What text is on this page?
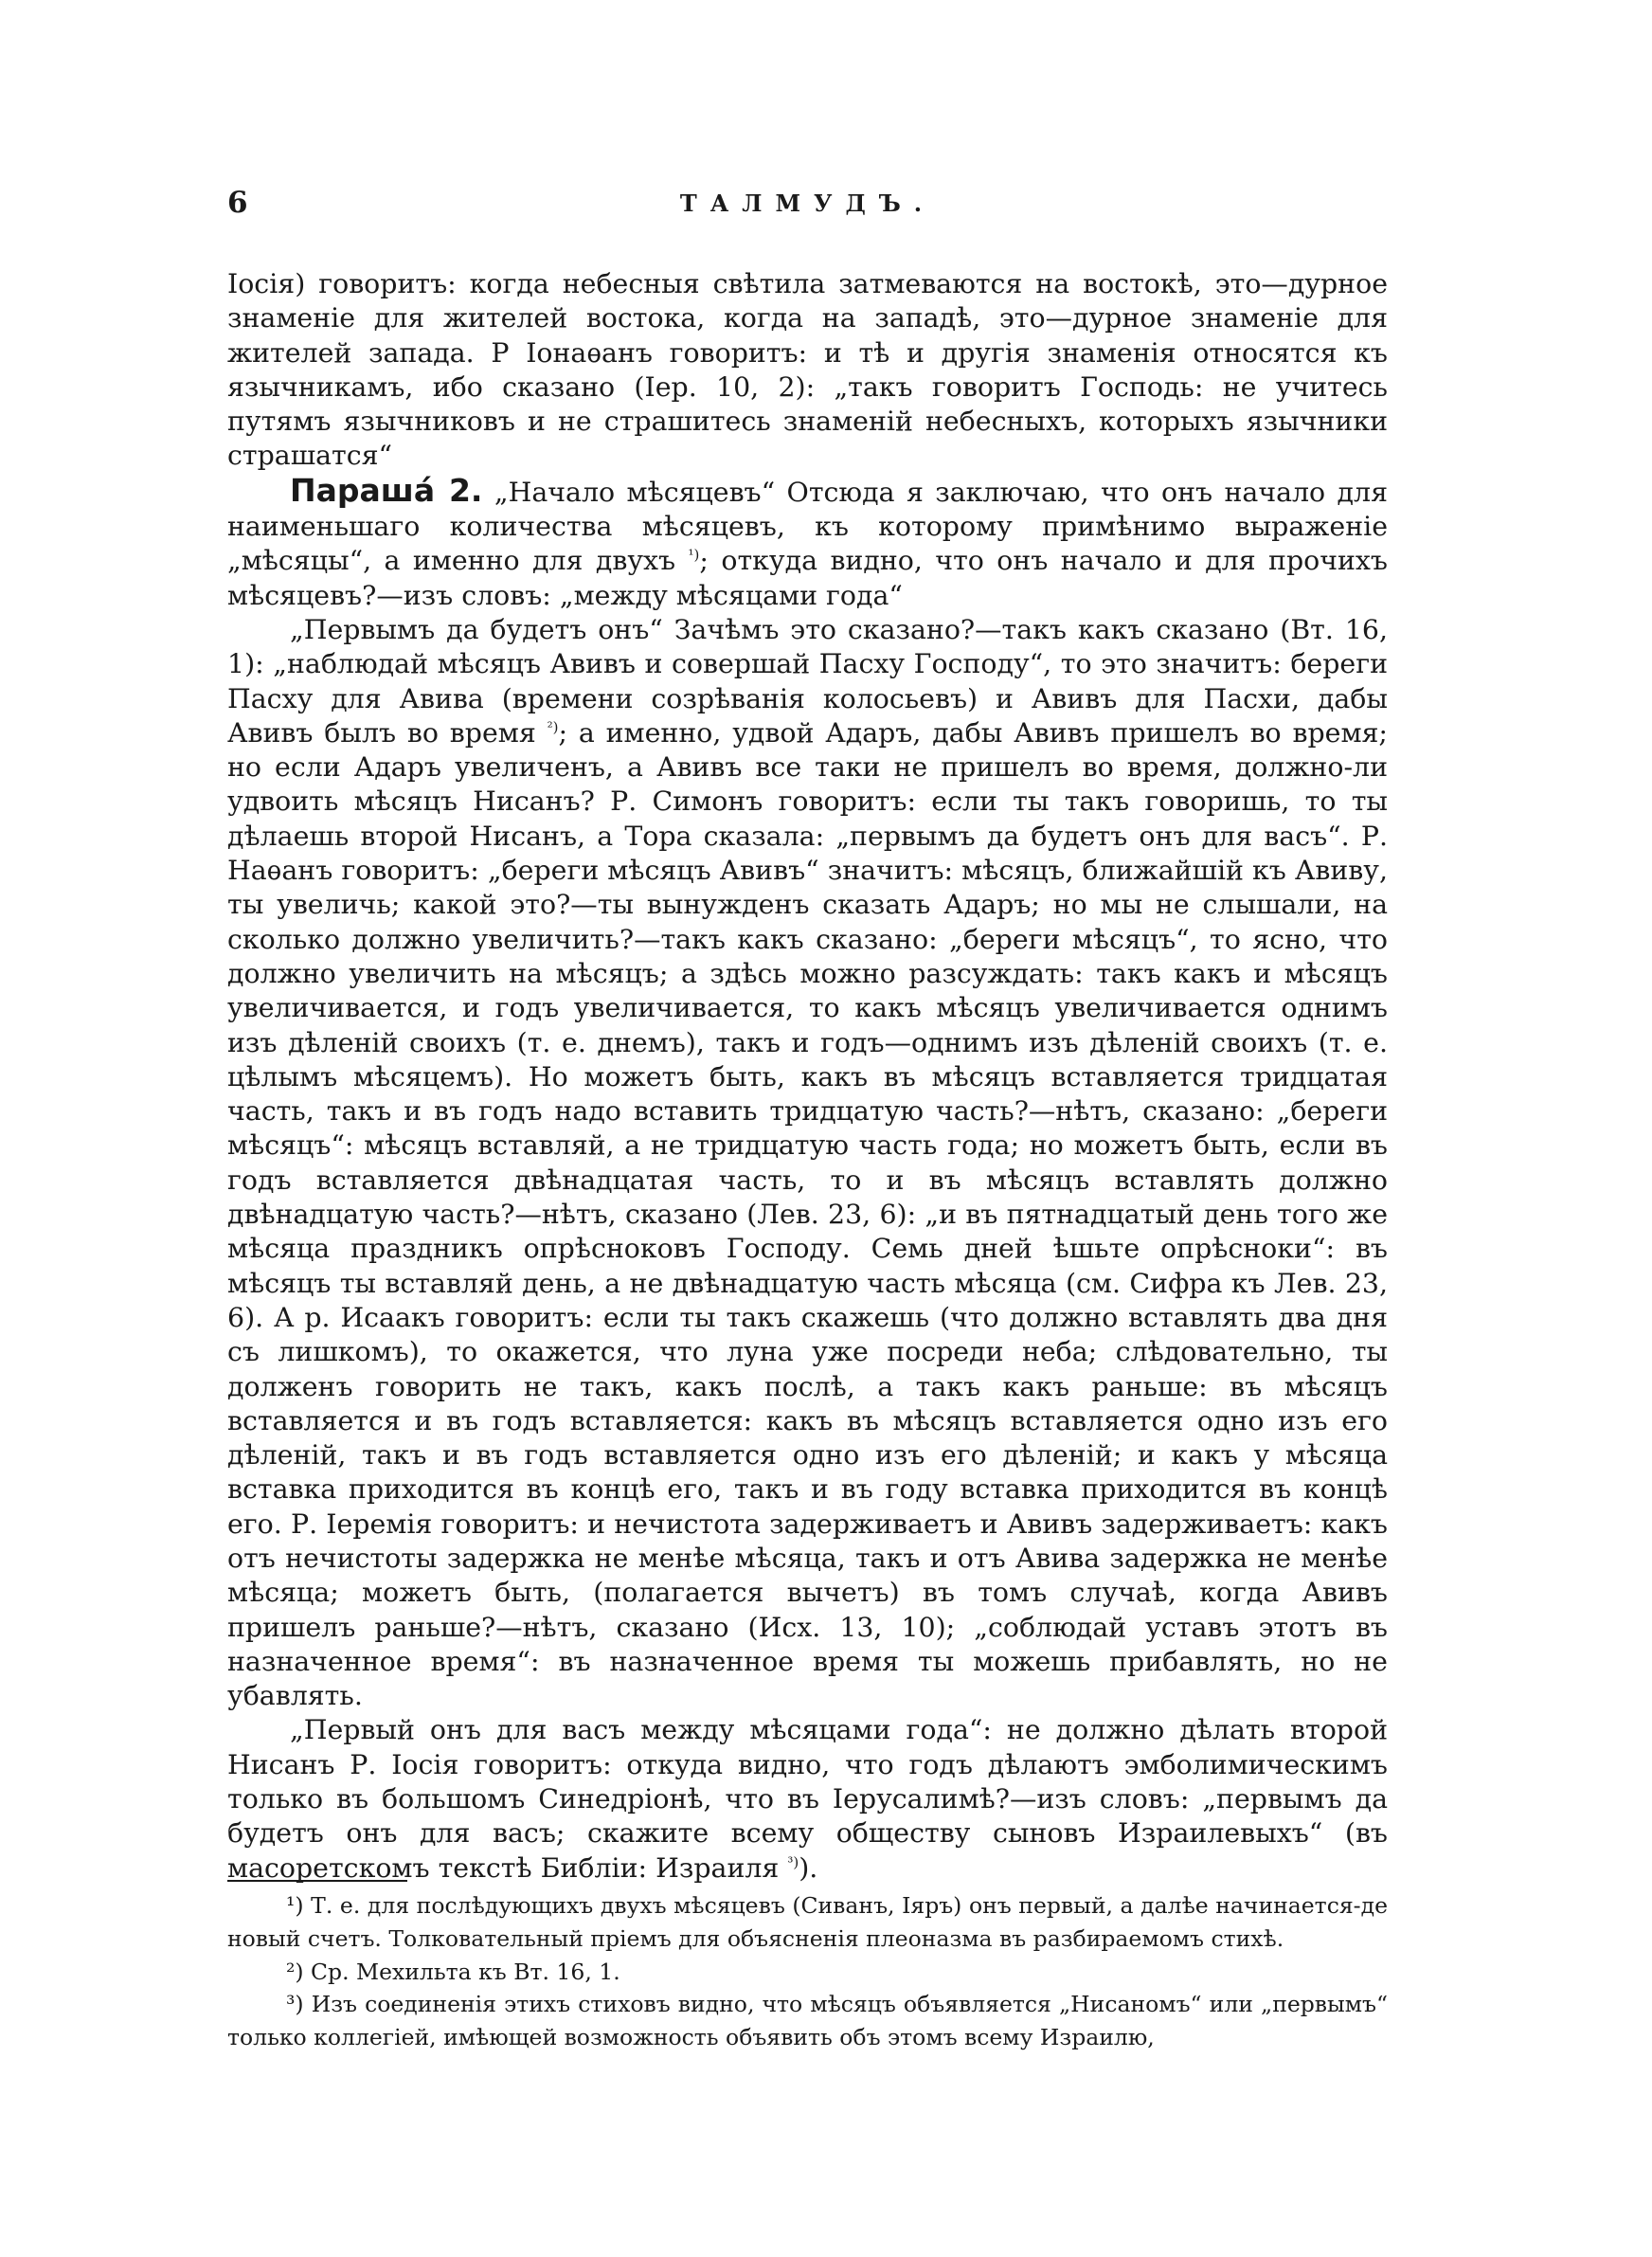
6	ТАЛМУДЪ.

Іосія) говоритъ: когда небесныя свѣтила затмеваются на востокѣ, это—дурное знаменіе для жителей востока, когда на западѣ, это—дурное знаменіе для жителей запада. Р Іонаѳанъ говоритъ: и тѣ и другія знаменія относятся къ язычникамъ, ибо сказано (Іер. 10, 2): „такъ говоритъ Господь: не учитесь путямъ язычниковъ и не страшитесь знаменій небесныхъ, которыхъ язычники страшатся“

Парашá 2. „Начало мѣсяцевъ“ Отсюда я заключаю, что онъ начало для наименьшаго количества мѣсяцевъ, къ которому примѣнимо выраженіе „мѣсяцы“, а именно для двухъ $^{^1)}$; откуда видно, что онъ начало и для прочихъ мѣсяцевъ?—изъ словъ: „между мѣсяцами года“

„Первымъ да будетъ онъ“ Зачѣмъ это сказано?—такъ какъ сказано (Вт. 16, 1): „наблюдай мѣсяцъ Авивъ и совершай Пасху Господу“, то это значитъ: береги Пасху для Авива (времени созрѣванія колосьевъ) и Авивъ для Пасхи, дабы Авивъ былъ во время $^{^2)}$; а именно, удвой Адаръ, дабы Авивъ пришелъ во время; но если Адаръ увеличенъ, а Авивъ все таки не пришелъ во время, должно-ли удвоить мѣсяцъ Нисанъ? Р. Симонъ говоритъ: если ты такъ говоришь, то ты дѣлаешь второй Нисанъ, а Тора сказала: „первымъ да будетъ онъ для васъ“. Р. Наѳанъ говоритъ: „береги мѣсяцъ Авивъ“ значитъ: мѣсяцъ, ближайшій къ Авиву, ты увеличь; какой это?—ты вынужденъ сказать Адаръ; но мы не слышали, на сколько должно увеличить?—такъ какъ сказано: „береги мѣсяцъ“, то ясно, что должно увеличить на мѣсяцъ; а здѣсь можно разсуждать: такъ какъ и мѣсяцъ увеличивается, и годъ увеличивается, то какъ мѣсяцъ увеличивается однимъ изъ дѣленій своихъ (т. е. днемъ), такъ и годъ—однимъ изъ дѣленій своихъ (т. е. цѣлымъ мѣсяцемъ). Но можетъ быть, какъ въ мѣсяцъ вставляется тридцатая часть, такъ и въ годъ надо вставить тридцатую часть?—нѣтъ, сказано: „береги мѣсяцъ“: мѣсяцъ вставляй, а не тридцатую часть года; но можетъ быть, если въ годъ вставляется двѣнадцатая часть, то и въ мѣсяцъ вставлять должно двѣнадцатую часть?—нѣтъ, сказано (Лев. 23, 6): „и въ пятнадцатый день того же мѣсяца праздникъ опрѣсноковъ Господу. Семь дней ѣшьте опрѣсноки“: въ мѣсяцъ ты вставляй день, а не двѣнадцатую часть мѣсяца (см. Сифра къ Лев. 23, 6). А р. Исаакъ говоритъ: если ты такъ скажешь (что должно вставлять два дня съ лишкомъ), то окажется, что луна уже посреди неба; слѣдовательно, ты долженъ говорить не такъ, какъ послѣ, а такъ какъ раньше: въ мѣсяцъ вставляется и въ годъ вставляется: какъ въ мѣсяцъ вставляется одно изъ его дѣленій, такъ и въ годъ вставляется одно изъ его дѣленій; и какъ у мѣсяца вставка приходится въ концѣ его, такъ и въ году вставка приходится въ концѣ его. Р. Іеремія говоритъ: и нечистота задерживаетъ и Авивъ задерживаетъ: какъ отъ нечистоты задержка не менѣе мѣсяца, такъ и отъ Авива задержка не менѣе мѣсяца; можетъ быть, (полагается вычетъ) въ томъ случаѣ, когда Авивъ пришелъ раньше?—нѣтъ, сказано (Исх. 13, 10); „соблюдай уставъ этотъ въ назначенное время“: въ назначенное время ты можешь прибавлять, но не убавлять.

„Первый онъ для васъ между мѣсяцами года“: не должно дѣлать второй Нисанъ Р. Іосія говоритъ: откуда видно, что годъ дѣлаютъ эмболимическимъ только въ большомъ Синедріонѣ, что въ Іерусалимѣ?—изъ словъ: „первымъ да будетъ онъ для васъ; скажите всему обществу сыновъ Израилевыхъ“ (въ масоретскомъ текстѣ Библіи: Израиля $^{^3)}$).

¹) Т. е. для послѣдующихъ двухъ мѣсяцевъ (Сиванъ, Іяръ) онъ первый, а далѣе начинается-де новый счетъ. Толковательный пріемъ для объясненія плеоназма въ разбираемомъ стихѣ.

²) Ср. Мехильта къ Вт. 16, 1.

³) Изъ соединенія этихъ стиховъ видно, что мѣсяцъ объявляется „Нисаномъ“ или „первымъ“ только коллегіей, имѣющей возможность объявить объ этомъ всему Израилю,
